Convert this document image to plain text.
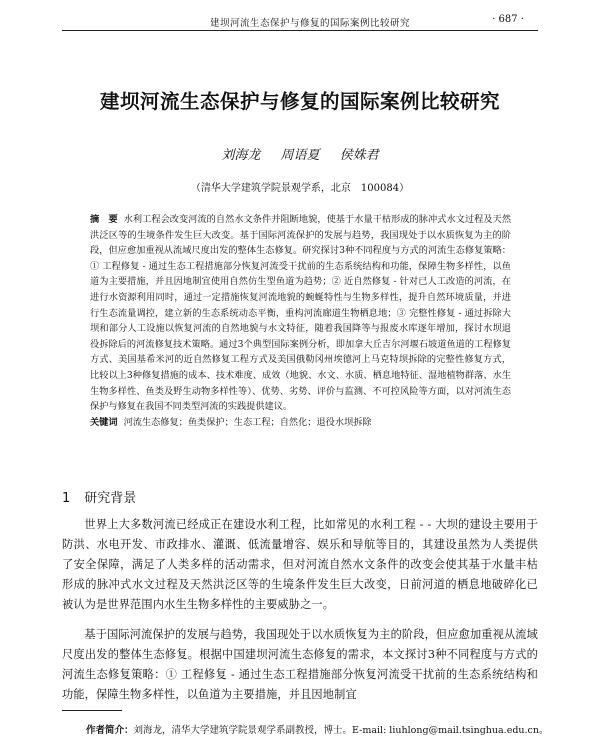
建坝河流生态保护与修复的国际案例比较研究	· 687 ·
建坝河流生态保护与修复的国际案例比较研究
刘海龙 周语夏 侯姝君
（清华大学建筑学院景观学系，北京　100084）
摘　要 水利工程会改变河流的自然水文条件并阻断地貌，使基于水量干枯形成的脉冲式水文过程及天然洪泛区等的生境条件发生巨大改变。基于国际河流保护的发展与趋势，我国现处于以水质恢复为主的阶段，但应愈加重视从流域尺度出发的整体生态修复。研究探讨3种不同程度与方式的河流生态修复策略：① 工程修复 - 通过生态工程措施部分恢复河流受干扰前的生态系统结构和功能，保障生物多样性，以鱼道为主要措施，并且因地制宜使用自然仿生型鱼道为趋势；② 近自然修复 - 针对已人工改造的河流，在进行水资源利用同时，通过一定措施恢复河流地貌的蜿蜒特性与生物多样性，提升自然环境质量，并进行生态流量调控，建立新的生态系统动态平衡，重构河流廊道生物栖息地；③ 完整性修复 - 通过拆除大坝和部分人工设施以恢复河流的自然地貌与水文特征，随着我国降等与报废水库逐年增加，探讨水坝退役拆除后的河流修复技术策略。通过3个典型国际案例分析，即加拿大丘吉尔河堰石坡道鱼道的工程修复方式、美国基希米河的近自然修复工程方式及美国俄勒冈州埃德河上马克特坝拆除的完整性修复方式，比较以上3种修复措施的成本、技术难度、成效（地貌、水文、水质、栖息地特征、湿地植物群落、水生生物多样性、鱼类及野生动物多样性等）、优势、劣势、评价与监测、不可控风险等方面，以对河流生态保护与修复在我国不同类型河流的实践提供建议。
关键词 河流生态修复；鱼类保护；生态工程；自然化；退役水坝拆除
1 研究背景
世界上大多数河流已经成正在建设水利工程，比如常见的水利工程 - - 大坝的建设主要用于防洪、水电开发、市政排水、灌溉、低流量增容、娱乐和导航等目的，其建设虽然为人类提供了安全保障，满足了人类多样的活动需求，但对河流自然水文条件的改变会使其基于水量丰枯形成的脉冲式水文过程及天然洪泛区等的生境条件发生巨大改变，日前河道的栖息地破碎化已被认为是世界范围内水生生物多样性的主要威胁之一。
基于国际河流保护的发展与趋势，我国现处于以水质恢复为主的阶段，但应愈加重视从流域尺度出发的整体生态修复。根据中国建坝河流生态修复的需求，本文探讨3种不同程度与方式的河流生态修复策略：① 工程修复 - 通过生态工程措施部分恢复河流受干扰前的生态系统结构和功能，保障生物多样性，以鱼道为主要措施，并且因地制宜
作者简介：刘海龙，清华大学建筑学院景观学系副教授，博士。E-mail: liuhlong@mail.tsinghua.edu.cn。
